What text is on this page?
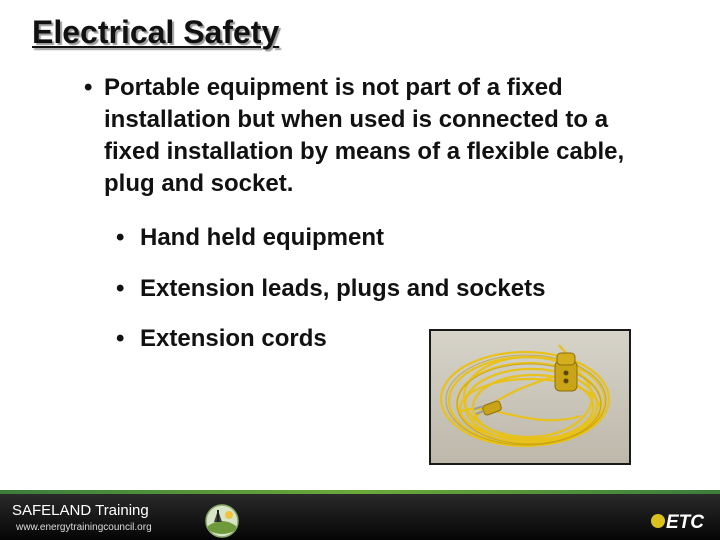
Electrical Safety
• Portable equipment is not part of a fixed installation but when used is connected to a fixed installation by means of a flexible cable, plug and socket.
• Hand held equipment
• Extension leads, plugs and sockets
• Extension cords
SAFELAND Training
www.energytrainingcouncil.org	ETC
